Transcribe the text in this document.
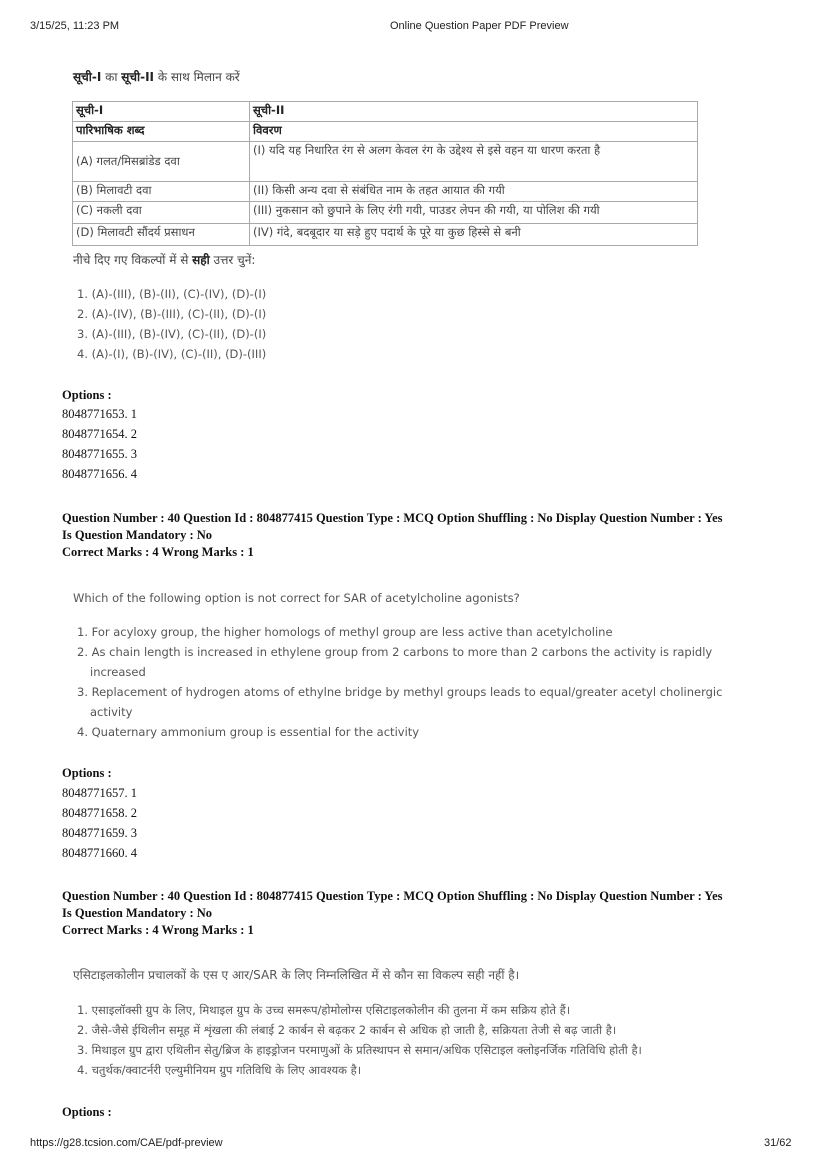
3/15/25, 11:23 PM	Online Question Paper PDF Preview
सूची-I का सूची-II के साथ मिलान करें
सूची-I	सूची-II
पारिभाषिक शब्द	विवरण
(A) गलत/मिसब्रांडेड दवा	(I) यदि यह निधारित रंग से अलग केवल रंग के उद्देश्य से इसे वहन या धारण करता है
(B) मिलावटी दवा	(II) किसी अन्य दवा से संबंधित नाम के तहत आयात की गयी
(C) नकली दवा	(III) नुकसान को छुपाने के लिए रंगी गयी, पाउडर लेपन की गयी, या पोलिश की गयी
(D) मिलावटी सौंदर्य प्रसाधन	(IV) गंदे, बदबूदार या सड़े हुए पदार्थ के पूरे या कुछ हिस्से से बनी
नीचे दिए गए विकल्पों में से सही उत्तर चुनें:
1. (A)-(III), (B)-(II), (C)-(IV), (D)-(I)
2. (A)-(IV), (B)-(III), (C)-(II), (D)-(I)
3. (A)-(III), (B)-(IV), (C)-(II), (D)-(I)
4. (A)-(I), (B)-(IV), (C)-(II), (D)-(III)
Options :
8048771653. 1
8048771654. 2
8048771655. 3
8048771656. 4
Question Number : 40 Question Id : 804877415 Question Type : MCQ Option Shuffling : No Display Question Number : Yes
Is Question Mandatory : No
Correct Marks : 4 Wrong Marks : 1
Which of the following option is not correct for SAR of acetylcholine agonists?
1. For acyloxy group, the higher homologs of methyl group are less active than acetylcholine
2. As chain length is increased in ethylene group from 2 carbons to more than 2 carbons the activity is rapidly
increased
3. Replacement of hydrogen atoms of ethylne bridge by methyl groups leads to equal/greater acetyl cholinergic
activity
4. Quaternary ammonium group is essential for the activity
Options :
8048771657. 1
8048771658. 2
8048771659. 3
8048771660. 4
Question Number : 40 Question Id : 804877415 Question Type : MCQ Option Shuffling : No Display Question Number : Yes
Is Question Mandatory : No
Correct Marks : 4 Wrong Marks : 1
एसिटाइलकोलीन प्रचालकों के एस ए आर/SAR के लिए निम्नलिखित में से कौन सा विकल्प सही नहीं है।
1. एसाइलॉक्सी ग्रुप के लिए, मिथाइल ग्रुप के उच्च समरूप/होमोलोग्स एसिटाइलकोलीन की तुलना में कम सक्रिय होते हैं।
2. जैसे-जैसे ईथिलीन समूह में शृंखला की लंबाई 2 कार्बन से बढ़कर 2 कार्बन से अधिक हो जाती है, सक्रियता तेजी से बढ़ जाती है।
3. मिथाइल ग्रुप द्वारा एथिलीन सेतु/ब्रिज के हाइड्रोजन परमाणुओं के प्रतिस्थापन से समान/अधिक एसिटाइल क्लोइनर्जिक गतिविधि होती है।
4. चतुर्थक/क्वाटर्नरी एल्युमीनियम ग्रुप गतिविधि के लिए आवश्यक है।
Options :
https://g28.tcsion.com/CAE/pdf-preview	31/62
